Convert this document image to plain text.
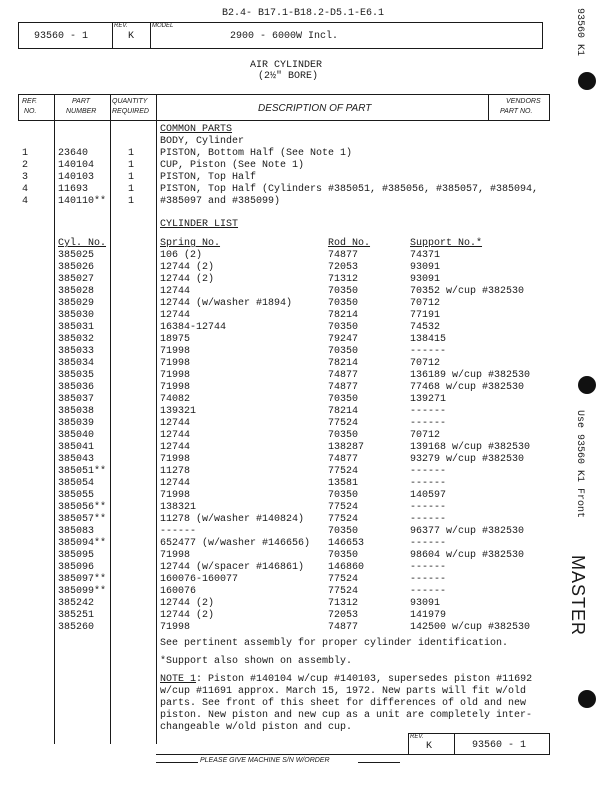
B2.4- B17.1-B18.2-D5.1-E6.1
93560 - 1
REV.
K
MODEL
2900 - 6000W Incl.
AIR CYLINDER
(2½" BORE)
REF.
NO.
PART
NUMBER
QUANTITY
REQUIRED	DESCRIPTION OF PART
VENDORS
PART NO.
COMMON PARTS
BODY, Cylinder
1	23640	1	PISTON, Bottom Half (See Note 1)
2	140104	1	CUP, Piston (See Note 1)
3	140103	1	PISTON, Top Half
4	11693	1	PISTON, Top Half (Cylinders #385051, #385056, #385057, #385094,
4	140110** 1	#385097 and #385099)
CYLINDER LIST
Cyl. No.	Spring No.	Rod No.	Support No.*
385025	106 (2)	74877	74371
385026	12744 (2)	72053	93091
385027	12744 (2)	71312	93091
385028	12744	70350	70352 w/cup #382530
385029	12744 (w/washer #1894)	70350	70712
385030	12744	78214	77191
385031	16384-12744	70350	74532
385032	18975	79247	138415
385033	71998	70350	------
385034	71998	78214	70712
385035	71998	74877	136189 w/cup #382530
385036	71998	74877	77468 w/cup #382530
385037	74082	70350	139271
385038	139321	78214	------
385039	12744	77524	------
385040	12744	70350	70712
385041	12744	138287	139168 w/cup #382530
385043	71998	74877	93279 w/cup #382530
385051**	11278	77524	------
385054	12744	13581	------
385055	71998	70350	140597
385056**	138321	77524	------
385057**	11278 (w/washer #140824) 77524	------
385083	------	70350	96377 w/cup #382530
385094**	652477 (w/washer #146656) 146653	------
385095	71998	70350	98604 w/cup #382530
385096	12744 (w/spacer #146861) 146860	------
385097**	160076-160077	77524	------
385099**	160076	77524	------
385242	12744 (2)	71312	93091
385251	12744 (2)	72053	141979
385260	71998	74877	142500 w/cup #382530
See pertinent assembly for proper cylinder identification.
*Support also shown on assembly.
NOTE 1: Piston #140104 w/cup #140103, supersedes piston #11692
w/cup #11691 approx. March 15, 1972. New parts will fit w/old
parts. See front of this sheet for differences of old and new
piston. New piston and new cup as a unit are completely inter-
changeable w/old piston and cup.
REV.
K	93560 - 1
PLEASE GIVE MACHINE S/N W/ORDER
93560 K1
Use 93560 K1 Front
MASTER
